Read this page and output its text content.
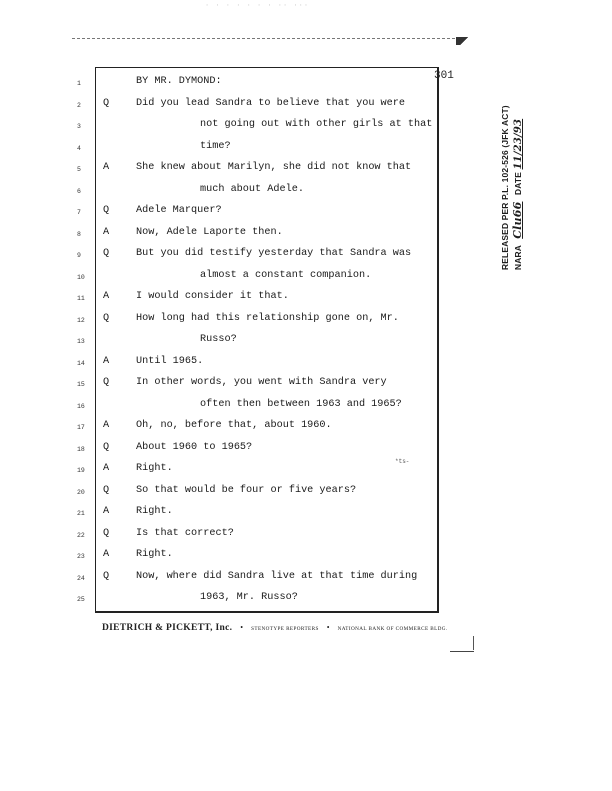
· · · · · · · ·· ···
301
1
2
3
4
5
6
7
8
9
10
11
12
13
14
15
16
17
18
19
20
21
22
23
24
25
BY MR. DYMOND:
Q	Did you lead Sandra to believe that you were
not going out with other girls at that
time?
A	She knew about Marilyn, she did not know that
much about Adele.
Q	Adele Marquer?
A	Now, Adele Laporte then.
Q	But you did testify yesterday that Sandra was
almost a constant companion.
A	I would consider it that.
Q	How long had this relationship gone on, Mr.
Russo?
A	Until 1965.
Q	In other words, you went with Sandra very
often then between 1963 and 1965?
A	Oh, no, before that, about 1960.
Q	About 1960 to 1965?
A	Right.
Q	So that would be four or five years?
A	Right.
Q	Is that correct?
A	Right.
Q	Now, where did Sandra live at that time during
1963, Mr. Russo?
*ts-
DIETRICH & PICKETT, Inc. • STENOTYPE REPORTERS • NATIONAL BANK OF COMMERCE BLDG.
RELEASED PER P.L. 102-526 (JFK ACT) NARA Clu66 DATE 11/23/93
